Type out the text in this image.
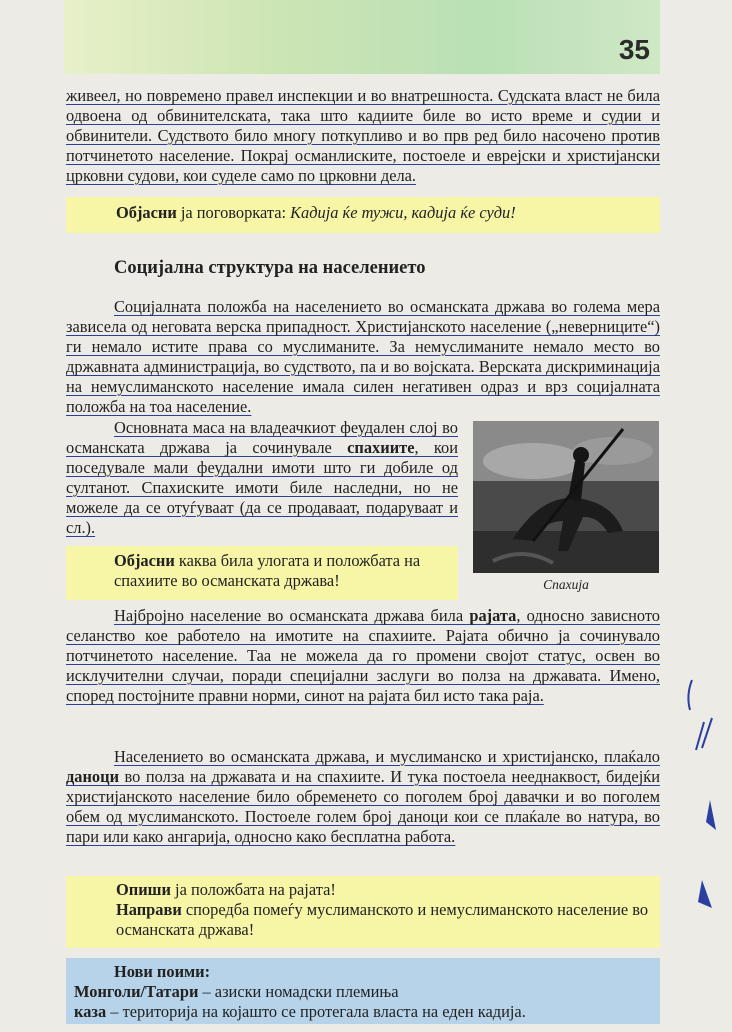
35

живеел, но повремено правел инспекции и во внатрешноста. Судската власт не била одвоена од обвинителската, така што кадиите биле во исто време и судии и обвинители. Судството било многу поткупливо и во прв ред било насочено против потчинетото население. Покрај османлиските, постоеле и еврејски и христијански црковни судови, кои суделе само по црковни дела.

Објасни ја поговорката: Кадија ќе тужи, кадија ќе суди!

Социјална структура на населението

Социјалната положба на населението во османската држава во голема мера зависела од неговата верска припадност. Христијанското население („неверниците“) ги немало истите права со муслиманите. За немуслиманите немало место во државната администрација, во судството, па и во војската. Верската дискриминација на немуслиманското население имала силен негативен одраз и врз социјалната положба на тоа население.

Основната маса на владеачкиот феудален слој во османската држава ја сочинувале спахиите, кои поседувале мали феудални имоти што ги добиле од султанот. Спахиските имоти биле наследни, но не можеле да се отуѓуваат (да се продаваат, подаруваат и сл.).

Објасни каква била улогата и положбата на спахиите во османската држава!	Спахија

Најбројно население во османската држава била рајата, односно зависното селанство кое работело на имотите на спахиите. Рајата обично ја сочинувало потчинетото население. Таа не можела да го промени својот статус, освен во исклучителни случаи, поради специјални заслуги во полза на државата. Имено, според постојните правни норми, синот на рајата бил исто така раја.

Населението во османската држава, и муслиманско и христијанско, плаќало даноци во полза на државата и на спахиите. И тука постоела нееднаквост, бидејќи христијанското население било обременето со поголем број давачки и во поголем обем од муслиманското. Постоеле голем број даноци кои се плаќале во натура, во пари или како ангарија, односно како бесплатна работа.

Опиши ја положбата на рајата!

Направи споредба помеѓу муслиманското и немуслиманското население во османската држава!

Нови поими:

Монголи/Татари – азиски номадски племиња

каза – територија на којашто се протегала власта на еден кадија.
